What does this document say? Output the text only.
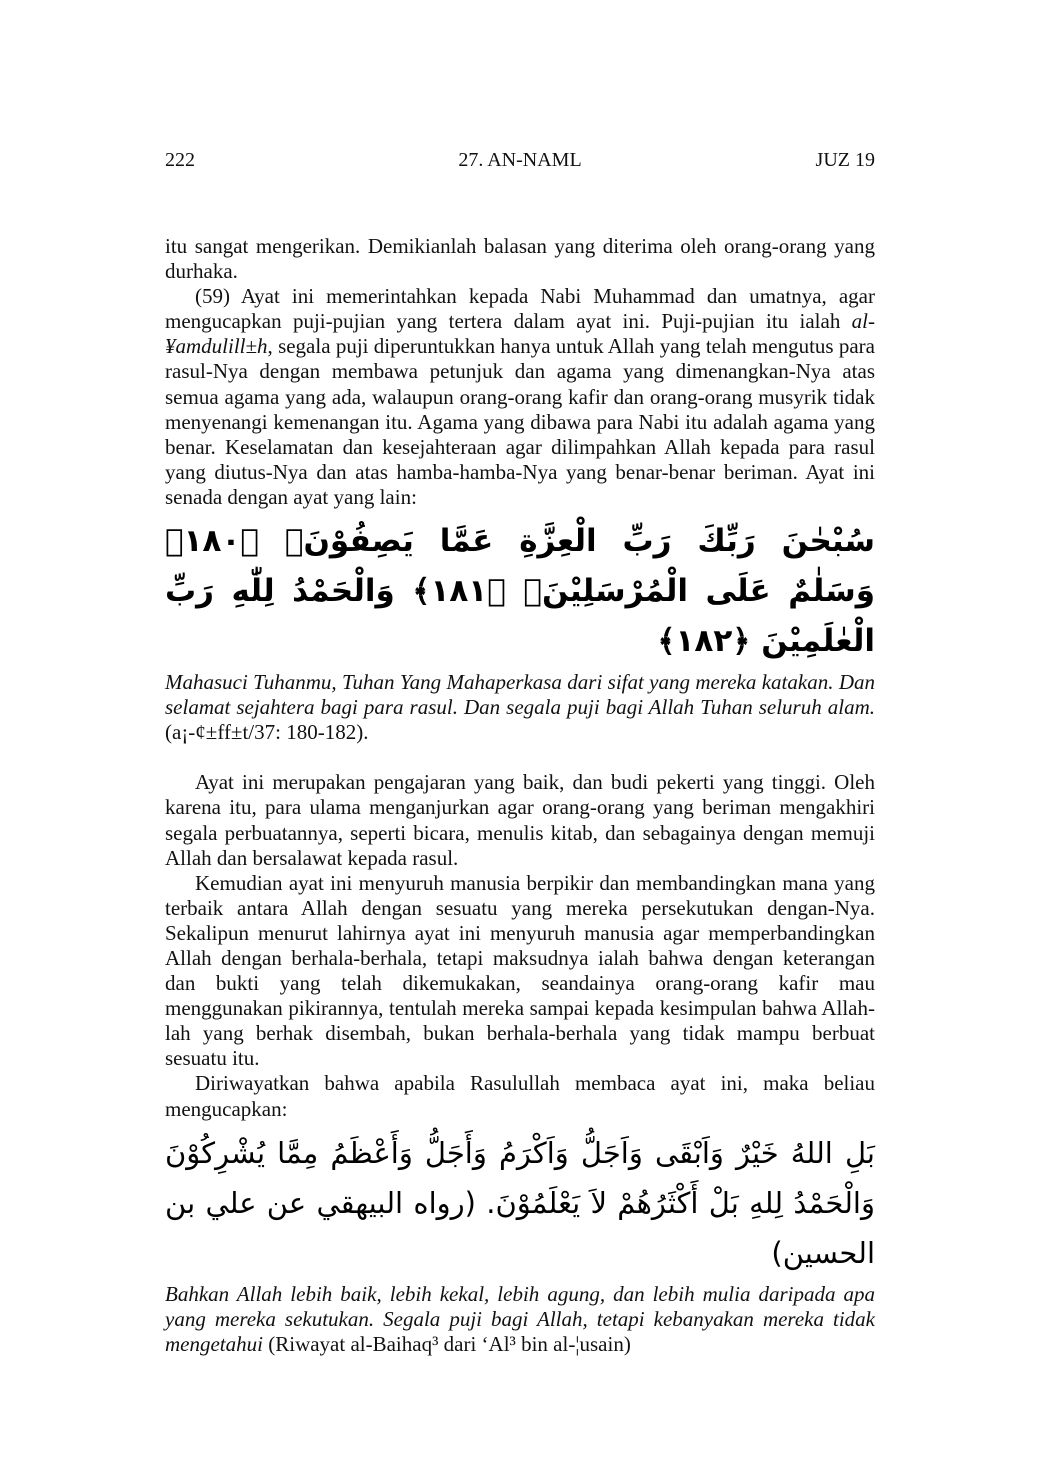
222	27. AN-NAML	JUZ 19

itu sangat mengerikan. Demikianlah balasan yang diterima oleh orang-orang yang durhaka.

(59) Ayat ini memerintahkan kepada Nabi Muhammad dan umatnya, agar mengucapkan puji-pujian yang tertera dalam ayat ini. Puji-pujian itu ialah al-¥amdulill±h, segala puji diperuntukkan hanya untuk Allah yang telah mengutus para rasul-Nya dengan membawa petunjuk dan agama yang dimenangkan-Nya atas semua agama yang ada, walaupun orang-orang kafir dan orang-orang musyrik tidak menyenangi kemenangan itu. Agama yang dibawa para Nabi itu adalah agama yang benar. Keselamatan dan kesejahteraan agar dilimpahkan Allah kepada para rasul yang diutus-Nya dan atas hamba-hamba-Nya yang benar-benar beriman. Ayat ini senada dengan ayat yang lain:

سُبْحٰنَ رَبِّكَ رَبِّ الْعِزَّةِ عَمَّا يَصِفُوْنَۚ ﴿١٨٠﴾ وَسَلٰمٌ عَلَى الْمُرْسَلِيْنَۚ ﴿١٨١﴾ وَالْحَمْدُ لِلّٰهِ رَبِّ الْعٰلَمِيْنَ ﴿١٨٢﴾

Mahasuci Tuhanmu, Tuhan Yang Mahaperkasa dari sifat yang mereka katakan. Dan selamat sejahtera bagi para rasul. Dan segala puji bagi Allah Tuhan seluruh alam. (a¡-¢±ff±t/37: 180-182).

Ayat ini merupakan pengajaran yang baik, dan budi pekerti yang tinggi. Oleh karena itu, para ulama menganjurkan agar orang-orang yang beriman mengakhiri segala perbuatannya, seperti bicara, menulis kitab, dan sebagainya dengan memuji Allah dan bersalawat kepada rasul.

Kemudian ayat ini menyuruh manusia berpikir dan membandingkan mana yang terbaik antara Allah dengan sesuatu yang mereka persekutukan dengan-Nya. Sekalipun menurut lahirnya ayat ini menyuruh manusia agar memperbandingkan Allah dengan berhala-berhala, tetapi maksudnya ialah bahwa dengan keterangan dan bukti yang telah dikemukakan, seandainya orang-orang kafir mau menggunakan pikirannya, tentulah mereka sampai kepada kesimpulan bahwa Allah-lah yang berhak disembah, bukan berhala-berhala yang tidak mampu berbuat sesuatu itu.

Diriwayatkan bahwa apabila Rasulullah membaca ayat ini, maka beliau mengucapkan:

بَلِ اللهُ خَيْرٌ وَاَبْقَى وَاَجَلُّ وَاَكْرَمُ وَأَجَلُّ وَأَعْظَمُ مِمَّا يُشْرِكُوْنَ وَالْحَمْدُ لِلهِ بَلْ أَكْثَرُهُمْ لاَ يَعْلَمُوْنَ. (رواه البيهقي عن علي بن الحسين)

Bahkan Allah lebih baik, lebih kekal, lebih agung, dan lebih mulia daripada apa yang mereka sekutukan. Segala puji bagi Allah, tetapi kebanyakan mereka tidak mengetahui (Riwayat al-Baihaq³ dari ‘Al³ bin al-¦usain)
